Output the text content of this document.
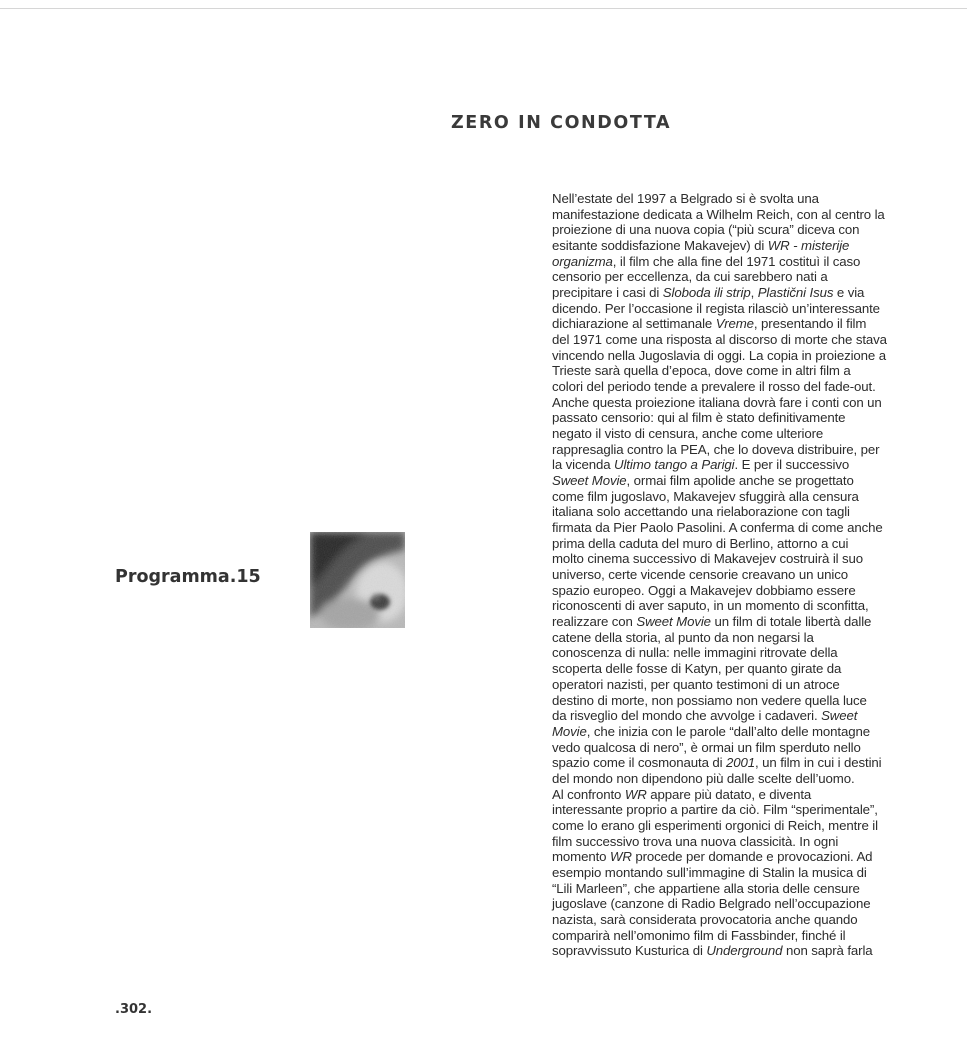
ZERO IN CONDOTTA
Programma.15
.302.
Nell’estate del 1997 a Belgrado si è svolta una
manifestazione dedicata a Wilhelm Reich, con al centro la
proiezione di una nuova copia (“più scura” diceva con
esitante soddisfazione Makavejev) di WR - misterije
organizma, il film che alla fine del 1971 costituì il caso
censorio per eccellenza, da cui sarebbero nati a
precipitare i casi di Sloboda ili strip, Plastični Isus e via
dicendo. Per l’occasione il regista rilasciò un’interessante
dichiarazione al settimanale Vreme, presentando il film
del 1971 come una risposta al discorso di morte che stava
vincendo nella Jugoslavia di oggi. La copia in proiezione a
Trieste sarà quella d’epoca, dove come in altri film a
colori del periodo tende a prevalere il rosso del fade-out.
Anche questa proiezione italiana dovrà fare i conti con un
passato censorio: qui al film è stato definitivamente
negato il visto di censura, anche come ulteriore
rappresaglia contro la PEA, che lo doveva distribuire, per
la vicenda Ultimo tango a Parigi. E per il successivo
Sweet Movie, ormai film apolide anche se progettato
come film jugoslavo, Makavejev sfuggirà alla censura
italiana solo accettando una rielaborazione con tagli
firmata da Pier Paolo Pasolini. A conferma di come anche
prima della caduta del muro di Berlino, attorno a cui
molto cinema successivo di Makavejev costruirà il suo
universo, certe vicende censorie creavano un unico
spazio europeo. Oggi a Makavejev dobbiamo essere
riconoscenti di aver saputo, in un momento di sconfitta,
realizzare con Sweet Movie un film di totale libertà dalle
catene della storia, al punto da non negarsi la
conoscenza di nulla: nelle immagini ritrovate della
scoperta delle fosse di Katyn, per quanto girate da
operatori nazisti, per quanto testimoni di un atroce
destino di morte, non possiamo non vedere quella luce
da risveglio del mondo che avvolge i cadaveri. Sweet
Movie, che inizia con le parole “dall’alto delle montagne
vedo qualcosa di nero”, è ormai un film sperduto nello
spazio come il cosmonauta di 2001, un film in cui i destini
del mondo non dipendono più dalle scelte dell’uomo.
Al confronto WR appare più datato, e diventa
interessante proprio a partire da ciò. Film “sperimentale”,
come lo erano gli esperimenti orgonici di Reich, mentre il
film successivo trova una nuova classicità. In ogni
momento WR procede per domande e provocazioni. Ad
esempio montando sull’immagine di Stalin la musica di
“Lili Marleen”, che appartiene alla storia delle censure
jugoslave (canzone di Radio Belgrado nell’occupazione
nazista, sarà considerata provocatoria anche quando
comparirà nell’omonimo film di Fassbinder, finché il
sopravvissuto Kusturica di Underground non saprà farla
